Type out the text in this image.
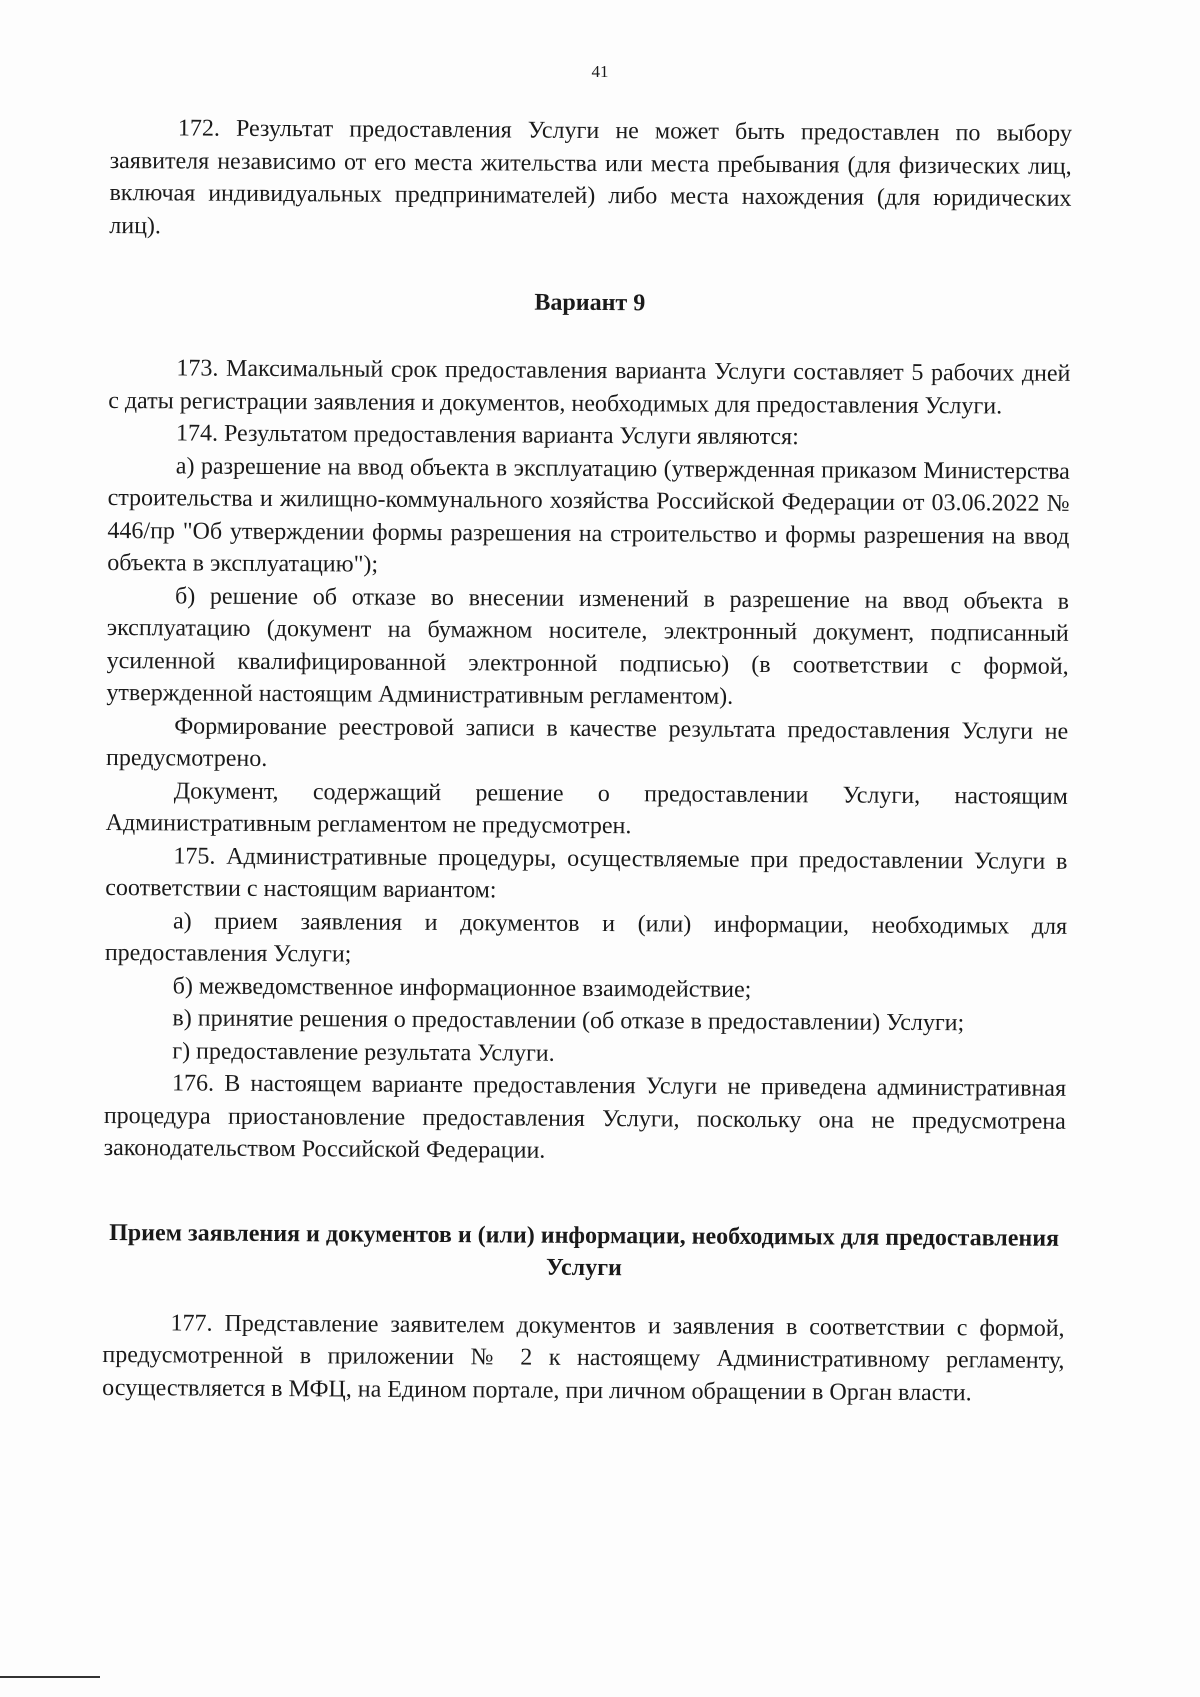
41

172. Результат предоставления Услуги не может быть предоставлен по выбору заявителя независимо от его места жительства или места пребывания (для физических лиц, включая индивидуальных предпринимателей) либо места нахождения (для юридических лиц).

Вариант 9

173. Максимальный срок предоставления варианта Услуги составляет 5 рабочих дней с даты регистрации заявления и документов, необходимых для предоставления Услуги.

174. Результатом предоставления варианта Услуги являются:

а) разрешение на ввод объекта в эксплуатацию (утвержденная приказом Министерства строительства и жилищно-коммунального хозяйства Российской Федерации от 03.06.2022 № 446/пр "Об утверждении формы разрешения на строительство и формы разрешения на ввод объекта в эксплуатацию");

б) решение об отказе во внесении изменений в разрешение на ввод объекта в эксплуатацию (документ на бумажном носителе, электронный документ, подписанный усиленной квалифицированной электронной подписью) (в соответствии с формой, утвержденной настоящим Административным регламентом).

Формирование реестровой записи в качестве результата предоставления Услуги не предусмотрено.

Документ, содержащий решение о предоставлении Услуги, настоящим Административным регламентом не предусмотрен.

175. Административные процедуры, осуществляемые при предоставлении Услуги в соответствии с настоящим вариантом:

а) прием заявления и документов и (или) информации, необходимых для предоставления Услуги;

б) межведомственное информационное взаимодействие;

в) принятие решения о предоставлении (об отказе в предоставлении) Услуги;

г) предоставление результата Услуги.

176. В настоящем варианте предоставления Услуги не приведена административная процедура приостановление предоставления Услуги, поскольку она не предусмотрена законодательством Российской Федерации.

Прием заявления и документов и (или) информации, необходимых для предоставления Услуги

177. Представление заявителем документов и заявления в соответствии с формой, предусмотренной в приложении № 2 к настоящему Административному регламенту, осуществляется в МФЦ, на Едином портале, при личном обращении в Орган власти.
